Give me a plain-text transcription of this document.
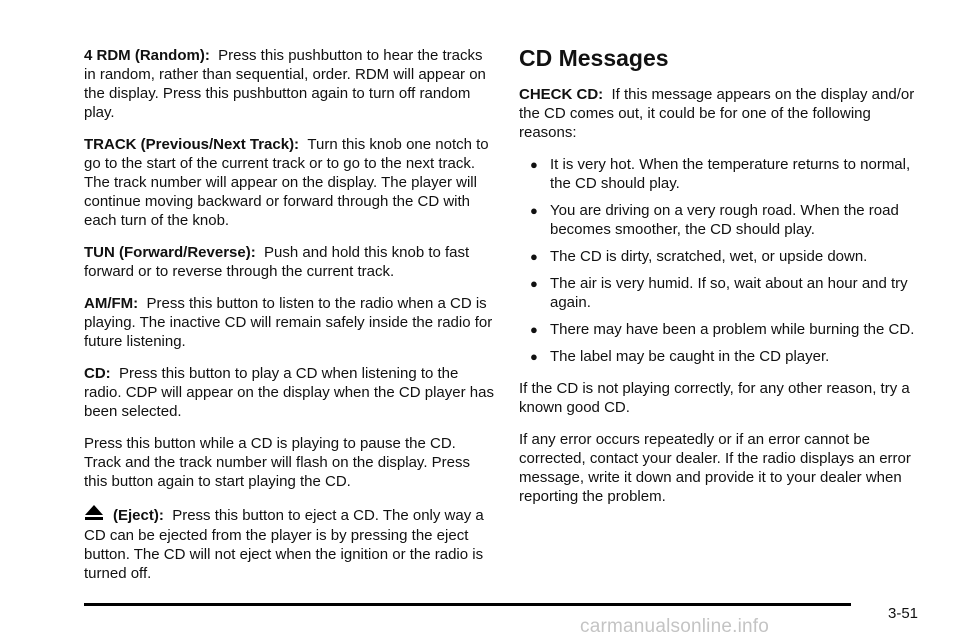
4 RDM (Random): Press this pushbutton to hear the tracks in random, rather than sequential, order. RDM will appear on the display. Press this pushbutton again to turn off random play.

TRACK (Previous/Next Track): Turn this knob one notch to go to the start of the current track or to go to the next track. The track number will appear on the display. The player will continue moving backward or forward through the CD with each turn of the knob.

TUN (Forward/Reverse): Push and hold this knob to fast forward or to reverse through the current track.

AM/FM: Press this button to listen to the radio when a CD is playing. The inactive CD will remain safely inside the radio for future listening.

CD: Press this button to play a CD when listening to the radio. CDP will appear on the display when the CD player has been selected.

Press this button while a CD is playing to pause the CD. Track and the track number will flash on the display. Press this button again to start playing the CD.

(Eject): Press this button to eject a CD. The only way a CD can be ejected from the player is by pressing the eject button. The CD will not eject when the ignition or the radio is turned off.

CD Messages

CHECK CD: If this message appears on the display and/or the CD comes out, it could be for one of the following reasons:

● It is very hot. When the temperature returns to normal, the CD should play.
● You are driving on a very rough road. When the road becomes smoother, the CD should play.
● The CD is dirty, scratched, wet, or upside down.
● The air is very humid. If so, wait about an hour and try again.
● There may have been a problem while burning the CD.
● The label may be caught in the CD player.

If the CD is not playing correctly, for any other reason, try a known good CD.

If any error occurs repeatedly or if an error cannot be corrected, contact your dealer. If the radio displays an error message, write it down and provide it to your dealer when reporting the problem.

3-51
carmanualsonline.info
